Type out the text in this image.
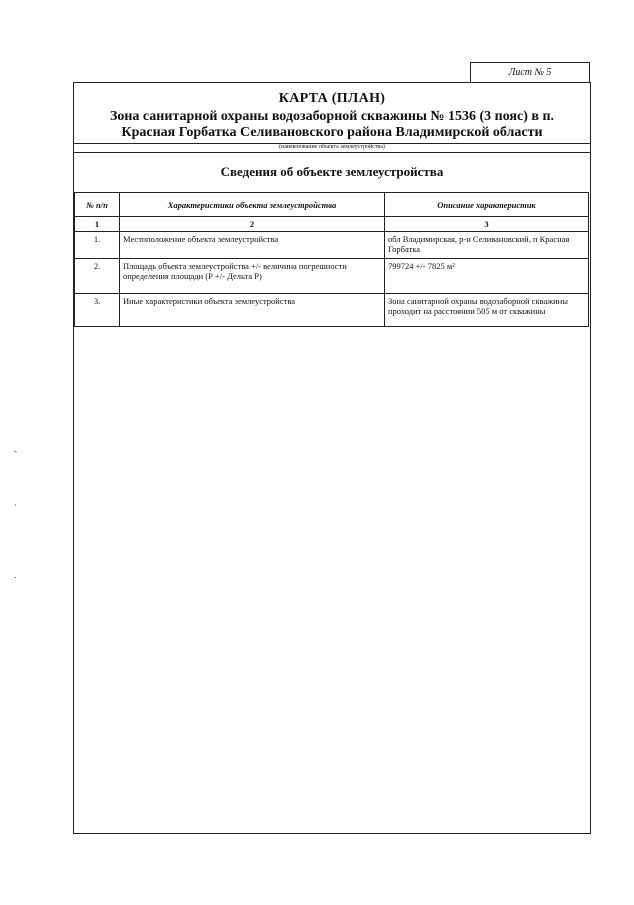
Лист № 5
КАРТА (ПЛАН)
Зона санитарной охраны водозаборной скважины № 1536 (3 пояс) в п.
Красная Горбатка Селивановского района Владимирской области
(наименование объекта землеустройства)
Сведения об объекте землеустройства
№ п/п	Характеристики объекта землеустройства	Описание характеристик
1	2	3
1.	Местоположение объекта землеустройства	обл Владимирская, р-н Селивановский, п Красная Горбатка
2.	Площадь объекта землеустройства +/- величина погрешности определения площади (Р +/- Дельта Р)	799724 +/- 7825 м²
3.	Иные характеристики объекта землеустройства	Зона санитарной охраны водозаборной скважины проходит на расстоянии 505 м от скважины
-
·
.
